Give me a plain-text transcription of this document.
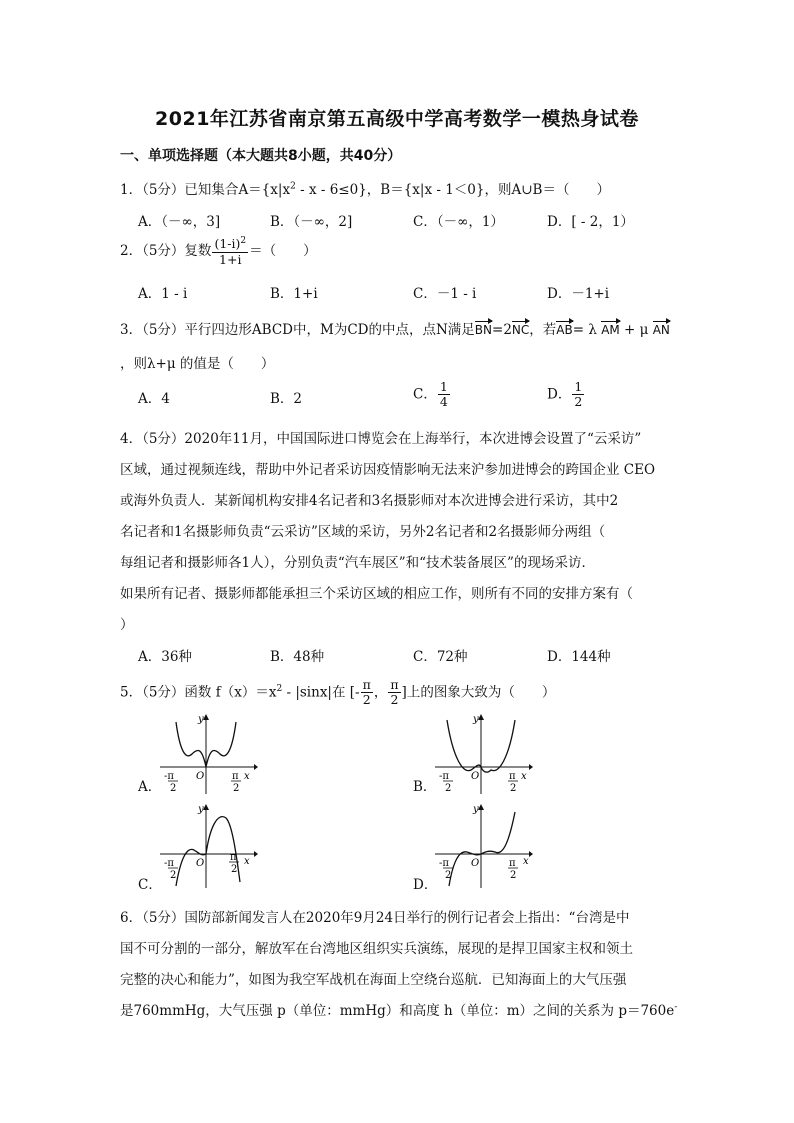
2021年江苏省南京第五高级中学高考数学一模热身试卷
一、单项选择题（本大题共8小题，共40分）
1．（5分）已知集合$A=\{x|x^2 - x - 6\le 0\}$，B＝{x|x - 1＜0}，则A∪B＝（　　）
A．（－∞，3]	B．（－∞，2]	C．（－∞，1）	D．[ - 2，1）
2．（5分）复数 $\frac{(1-i)^2}{1+i}$ ＝（　　）
A．1 - i	B．1+i	C．－1 - i	D．－1+i
3．（5分）平行四边形ABCD中，M为CD的中点，点N满足BN=2NC，若AB= λ AM + μ AN
，则λ+μ 的值是（　　）
A．4	B．2	C． $\frac{1}{4}$	D． $\frac{1}{2}$
4．（5分）2020年11月，中国国际进口博览会在上海举行，本次进博会设置了“云采访”
区域，通过视频连线，帮助中外记者采访因疫情影响无法来沪参加进博会的跨国企业 CEO
或海外负责人．某新闻机构安排4名记者和3名摄影师对本次进博会进行采访，其中2
名记者和1名摄影师负责“云采访”区域的采访，另外2名记者和2名摄影师分两组（
每组记者和摄影师各1人），分别负责“汽车展区”和“技术装备展区”的现场采访．
如果所有记者、摄影师都能承担三个采访区域的相应工作，则所有不同的安排方案有（
）
A．36种	B．48种	C．72种	D．144种
5．（5分）函数 $f(x)=x^2 - |\sin x|$在 [- $\frac{\pi}{2}$ ， $\frac{\pi}{2}$ ]上的图象大致为（　　）
A．
y
x
O
-π
2
π
2	B．
y
x
O
-π
2
π
2
C．
y
x
O
-π
2
π
2
D．
y
x
O
-π
2
π
2
6．（5分）国防部新闻发言人在2020年9月24日举行的例行记者会上指出：“台湾是中
国不可分割的一部分，解放军在台湾地区组织实兵演练，展现的是捍卫国家主权和领土
完整的决心和能力”，如图为我空军战机在海面上空绕台巡航．已知海面上的大气压强
是760mmHg，大气压强 p（单位：mmHg）和高度 h（单位：m）之间的关系为 p＝760e-
